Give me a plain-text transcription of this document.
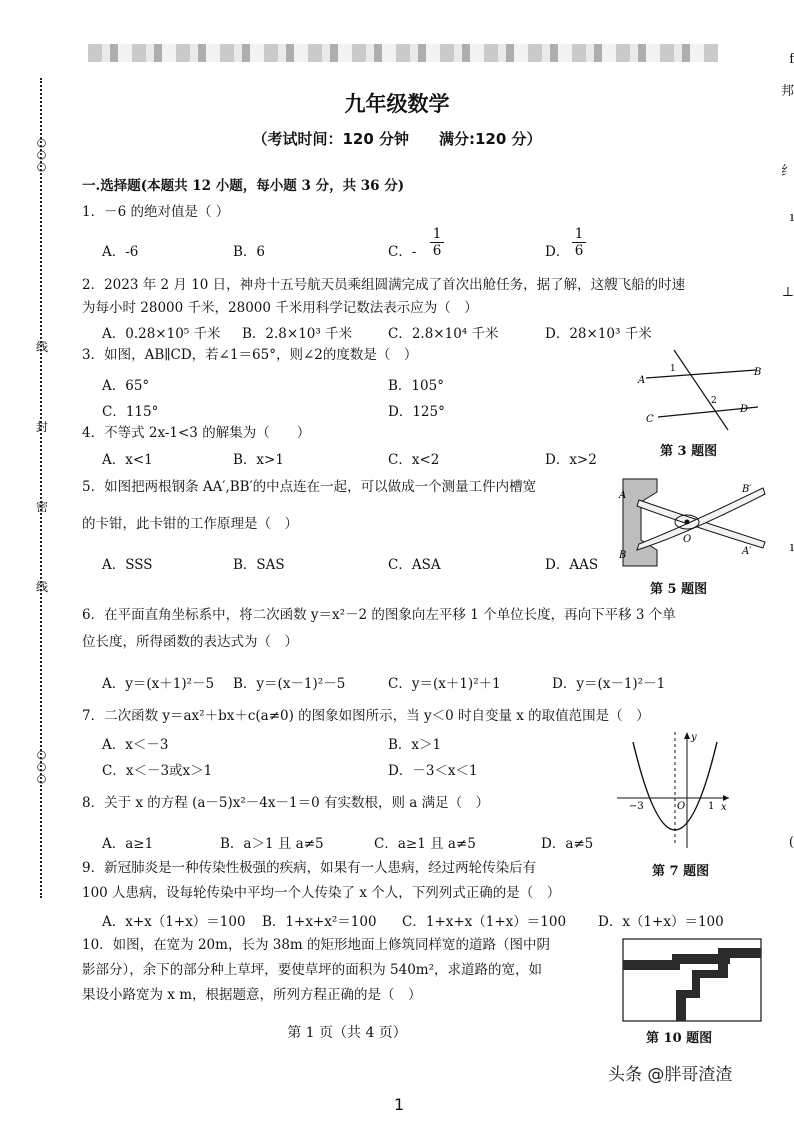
○○○
○○○
线
封
密
线
f
邦
纟
ı
⊥
ı
(
九年级数学
（考试时间：120 分钟　　满分:120 分）
一.选择题(本题共 12 小题，每小题 3 分，共 36 分)
1．－6 的绝对值是（ ）
A．-6	B．6	C．- $\frac{1}{6}$	D． $\frac{1}{6}$
2．2023 年 2 月 10 日，神舟十五号航天员乘组圆满完成了首次出舱任务，据了解，这艘飞船的时速
为每小时 28000 千米，28000 千米用科学记数法表示应为（　）
A．0.28×10⁵ 千米 B．2.8×10³ 千米	C．2.8×10⁴ 千米	D．28×10³ 千米
3．如图，AB∥CD，若∠1＝65°，则∠2的度数是（　）
A．65°	B．105°
C．115°	D．125°
A
B
C
D
1
2
第 3 题图
4．不等式 2x-1<3 的解集为（　　）
A．x<1	B．x>1	C．x<2	D．x>2
5．如图把两根钢条 AA′,BB′的中点连在一起，可以做成一个测量工件内槽宽
的卡钳，此卡钳的工作原理是（　）
A．SSS	B．SAS	C．ASA	D．AAS
A
B	A′
B′
O
第 5 题图
6．在平面直角坐标系中，将二次函数 y＝x²－2 的图象向左平移 1 个单位长度，再向下平移 3 个单
位长度，所得函数的表达式为（　）
A．y＝(x＋1)²－5 B．y＝(x－1)²－5	C．y＝(x＋1)²＋1	D．y＝(x－1)²－1
7．二次函数 y＝ax²＋bx＋c(a≠0) 的图象如图所示，当 y＜0 时自变量 x 的取值范围是（　）
A．x＜－3	B．x＞1
C．x＜－3或x＞1	D．－3＜x＜1
y
x
O
−3	1
第 7 题图
8．关于 x 的方程 (a－5)x²－4x－1＝0 有实数根，则 a 满足（　）
A．a≥1	B．a＞1 且 a≠5	C．a≥1 且 a≠5	D．a≠5
9．新冠肺炎是一种传染性极强的疾病，如果有一人患病，经过两轮传染后有
100 人患病，设每轮传染中平均一个人传染了 x 个人，下列列式正确的是（　）
A．x+x（1+x）＝100 B．1+x+x²＝100 C．1+x+x（1+x）＝100 D．x（1+x）＝100
10．如图，在宽为 20m，长为 38m 的矩形地面上修筑同样宽的道路（图中阴
影部分），余下的部分种上草坪，要使草坪的面积为 540m²，求道路的宽，如
果设小路宽为 x m，根据题意，所列方程正确的是（　）
第 10 题图
第 1 页（共 4 页）
头条 @胖哥渣渣
1
